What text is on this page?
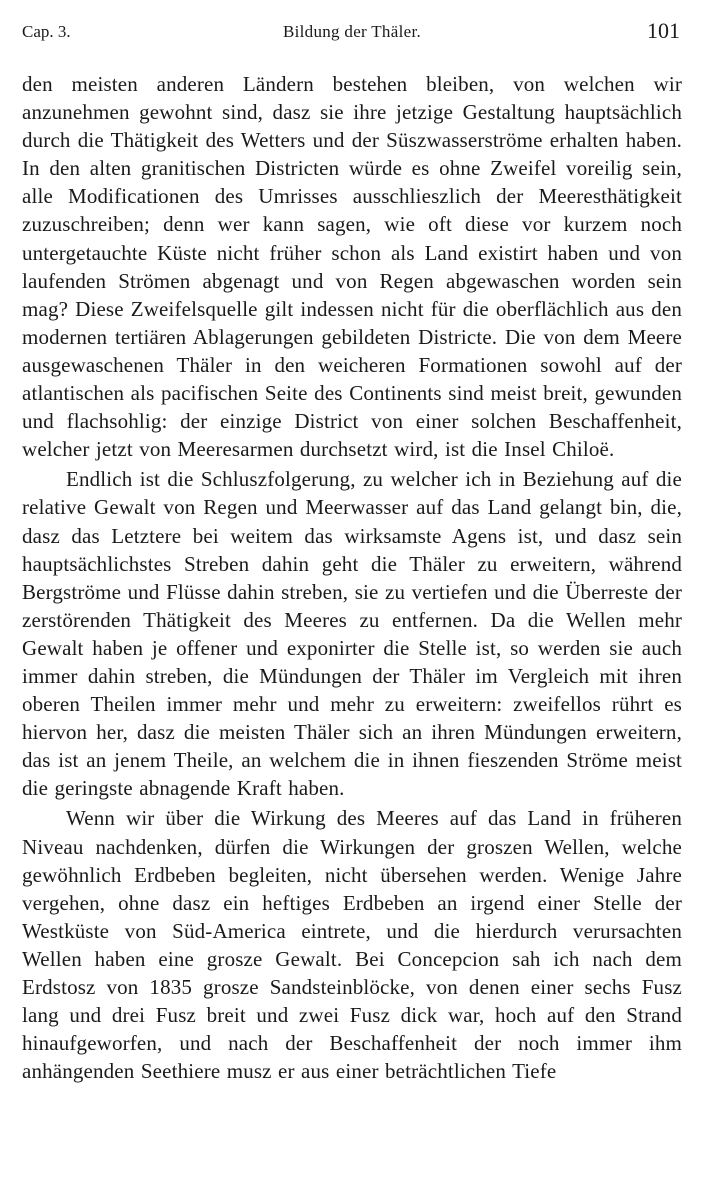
Cap. 3.	Bildung der Thäler.	101

den meisten anderen Ländern bestehen bleiben, von welchen wir anzunehmen gewohnt sind, dasz sie ihre jetzige Gestaltung hauptsächlich durch die Thätigkeit des Wetters und der Süszwasserströme erhalten haben. In den alten granitischen Districten würde es ohne Zweifel voreilig sein, alle Modificationen des Umrisses ausschlieszlich der Meeresthätigkeit zuzuschreiben; denn wer kann sagen, wie oft diese vor kurzem noch untergetauchte Küste nicht früher schon als Land existirt haben und von laufenden Strömen abgenagt und von Regen abgewaschen worden sein mag? Diese Zweifelsquelle gilt indessen nicht für die oberflächlich aus den modernen tertiären Ablagerungen gebildeten Districte. Die von dem Meere ausgewaschenen Thäler in den weicheren Formationen sowohl auf der atlantischen als pacifischen Seite des Continents sind meist breit, gewunden und flachsohlig: der einzige District von einer solchen Beschaffenheit, welcher jetzt von Meeresarmen durchsetzt wird, ist die Insel Chiloë.

Endlich ist die Schluszfolgerung, zu welcher ich in Beziehung auf die relative Gewalt von Regen und Meerwasser auf das Land gelangt bin, die, dasz das Letztere bei weitem das wirksamste Agens ist, und dasz sein hauptsächlichstes Streben dahin geht die Thäler zu erweitern, während Bergströme und Flüsse dahin streben, sie zu vertiefen und die Überreste der zerstörenden Thätigkeit des Meeres zu entfernen. Da die Wellen mehr Gewalt haben je offener und exponirter die Stelle ist, so werden sie auch immer dahin streben, die Mündungen der Thäler im Vergleich mit ihren oberen Theilen immer mehr und mehr zu erweitern: zweifellos rührt es hiervon her, dasz die meisten Thäler sich an ihren Mündungen erweitern, das ist an jenem Theile, an welchem die in ihnen fieszenden Ströme meist die geringste abnagende Kraft haben.

Wenn wir über die Wirkung des Meeres auf das Land in früheren Niveau nachdenken, dürfen die Wirkungen der groszen Wellen, welche gewöhnlich Erdbeben begleiten, nicht übersehen werden. Wenige Jahre vergehen, ohne dasz ein heftiges Erdbeben an irgend einer Stelle der Westküste von Süd-America eintrete, und die hierdurch verursachten Wellen haben eine grosze Gewalt. Bei Concepcion sah ich nach dem Erdstosz von 1835 grosze Sandsteinblöcke, von denen einer sechs Fusz lang und drei Fusz breit und zwei Fusz dick war, hoch auf den Strand hinaufgeworfen, und nach der Beschaffenheit der noch immer ihm anhängenden Seethiere musz er aus einer beträchtlichen Tiefe
